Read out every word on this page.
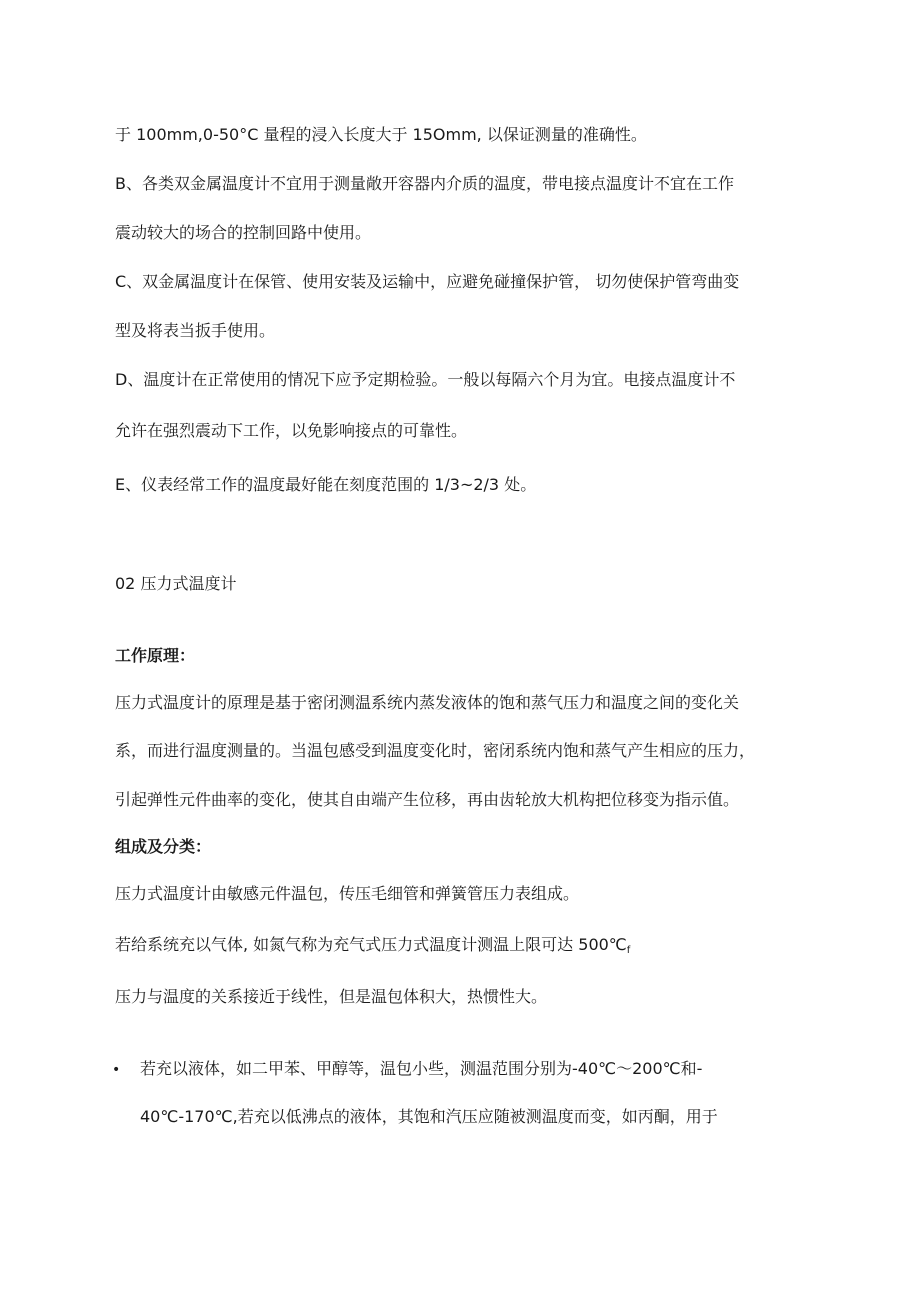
于 100mm,0-50°C 量程的浸入长度大于 15Omm, 以保证测量的准确性。
B、各类双金属温度计不宜用于测量敞开容器内介质的温度，带电接点温度计不宜在工作
震动较大的场合的控制回路中使用。
C、双金属温度计在保管、使用安装及运输中，应避免碰撞保护管， 切勿使保护管弯曲变
型及将表当扳手使用。
D、温度计在正常使用的情况下应予定期检验。一般以每隔六个月为宜。电接点温度计不
允许在强烈震动下工作，以免影响接点的可靠性。
E、仪表经常工作的温度最好能在刻度范围的 1/3~2/3 处。
02 压力式温度计
工作原理：
压力式温度计的原理是基于密闭测温系统内蒸发液体的饱和蒸气压力和温度之间的变化关
系，而进行温度测量的。当温包感受到温度变化时，密闭系统内饱和蒸气产生相应的压力，
引起弹性元件曲率的变化，使其自由端产生位移，再由齿轮放大机构把位移变为指示值。
组成及分类：
压力式温度计由敏感元件温包，传压毛细管和弹簧管压力表组成。
若给系统充以气体, 如氮气称为充气式压力式温度计测温上限可达 $500℃_f$
压力与温度的关系接近于线性，但是温包体积大，热惯性大。
• 若充以液体，如二甲苯、甲醇等，温包小些，测温范围分别为-40℃～200℃和-
40℃-170℃,若充以低沸点的液体，其饱和汽压应随被测温度而变，如丙酮，用于
